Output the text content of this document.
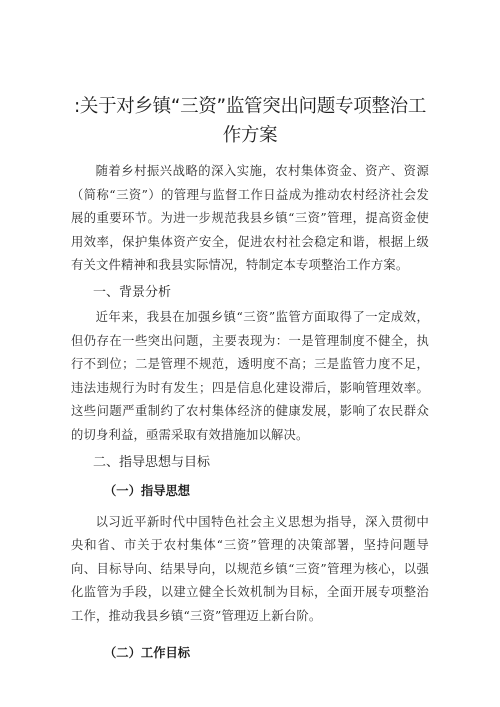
:关于对乡镇“三资”监管突出问题专项整治工作方案

随着乡村振兴战略的深入实施，农村集体资金、资产、资源（简称“三资”）的管理与监督工作日益成为推动农村经济社会发展的重要环节。为进一步规范我县乡镇“三资”管理，提高资金使用效率，保护集体资产安全，促进农村社会稳定和谐，根据上级有关文件精神和我县实际情况，特制定本专项整治工作方案。

一、背景分析

近年来，我县在加强乡镇“三资”监管方面取得了一定成效，但仍存在一些突出问题，主要表现为：一是管理制度不健全，执行不到位；二是管理不规范，透明度不高；三是监管力度不足，违法违规行为时有发生；四是信息化建设滞后，影响管理效率。这些问题严重制约了农村集体经济的健康发展，影响了农民群众的切身利益，亟需采取有效措施加以解决。

二、指导思想与目标
（一）指导思想

以习近平新时代中国特色社会主义思想为指导，深入贯彻中央和省、市关于农村集体“三资”管理的决策部署，坚持问题导向、目标导向、结果导向，以规范乡镇“三资”管理为核心，以强化监管为手段，以建立健全长效机制为目标，全面开展专项整治工作，推动我县乡镇“三资”管理迈上新台阶。

（二）工作目标
